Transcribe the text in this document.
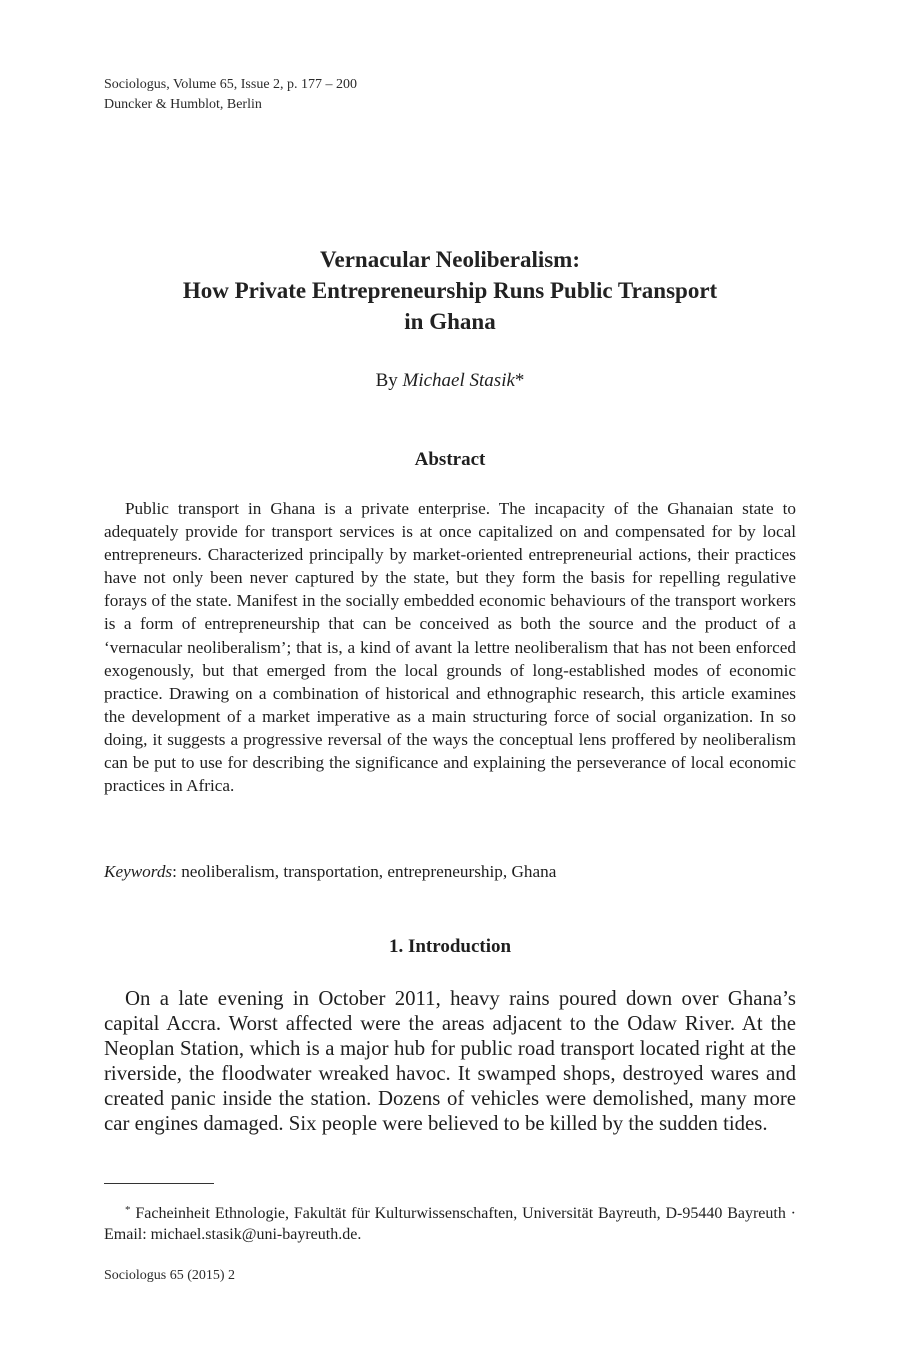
Sociologus, Volume 65, Issue 2, p. 177 – 200
Duncker & Humblot, Berlin
Vernacular Neoliberalism:
How Private Entrepreneurship Runs Public Transport
in Ghana
By Michael Stasik*
Abstract

Public transport in Ghana is a private enterprise. The incapacity of the Ghanaian state to adequately provide for transport services is at once capitalized on and compensated for by local entrepreneurs. Characterized principally by market-oriented entrepreneurial actions, their practices have not only been never captured by the state, but they form the basis for repelling regulative forays of the state. Manifest in the socially embedded economic behaviours of the transport workers is a form of entrepreneurship that can be conceived as both the source and the product of a ‘vernacular neoliberalism’; that is, a kind of avant la lettre neoliberalism that has not been enforced exogenously, but that emerged from the local grounds of long-established modes of economic practice. Drawing on a combination of historical and ethnographic research, this article examines the development of a market imperative as a main structuring force of social organization. In so doing, it suggests a progressive reversal of the ways the conceptual lens proffered by neoliberalism can be put to use for describing the significance and explaining the perseverance of local economic practices in Africa.

Keywords: neoliberalism, transportation, entrepreneurship, Ghana
1. Introduction

On a late evening in October 2011, heavy rains poured down over Ghana’s capital Accra. Worst affected were the areas adjacent to the Odaw River. At the Neoplan Station, which is a major hub for public road transport located right at the riverside, the floodwater wreaked havoc. It swamped shops, destroyed wares and created panic inside the station. Dozens of vehicles were demolished, many more car engines damaged. Six people were believed to be killed by the sudden tides.

* Facheinheit Ethnologie, Fakultät für Kulturwissenschaften, Universität Bayreuth, D-95440 Bayreuth · Email: michael.stasik@uni-bayreuth.de.

Sociologus 65 (2015) 2
